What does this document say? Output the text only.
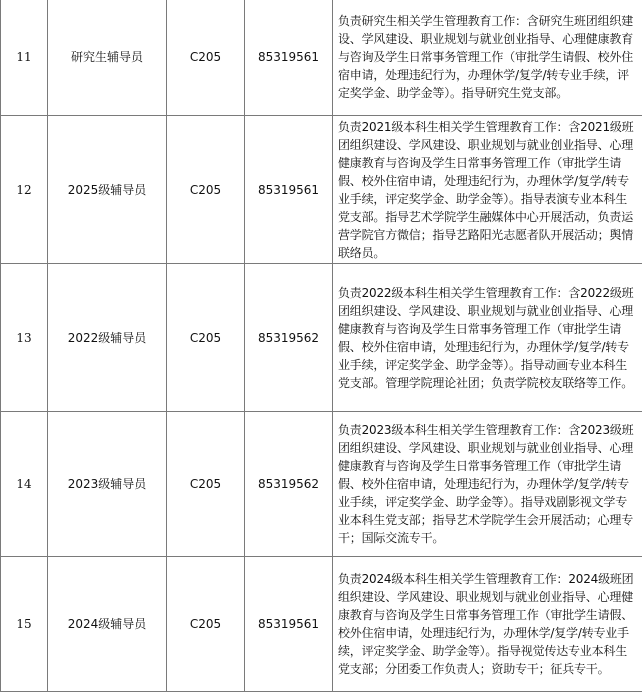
11	研究生辅导员	C205	85319561	负责研究生相关学生管理教育工作：含研究生班团组织建设、学风建设、职业规划与就业创业指导、心理健康教育与咨询及学生日常事务管理工作（审批学生请假、校外住宿申请，处理违纪行为，办理休学/复学/转专业手续，评定奖学金、助学金等）。指导研究生党支部。
12	2025级辅导员	C205	85319561	负责2021级本科生相关学生管理教育工作：含2021级班团组织建设、学风建设、职业规划与就业创业指导、心理健康教育与咨询及学生日常事务管理工作（审批学生请假、校外住宿申请，处理违纪行为，办理休学/复学/转专业手续，评定奖学金、助学金等）。指导表演专业本科生党支部。指导艺术学院学生融媒体中心开展活动，负责运营学院官方微信；指导艺路阳光志愿者队开展活动；舆情联络员。
13	2022级辅导员	C205	85319562	负责2022级本科生相关学生管理教育工作：含2022级班团组织建设、学风建设、职业规划与就业创业指导、心理健康教育与咨询及学生日常事务管理工作（审批学生请假、校外住宿申请，处理违纪行为，办理休学/复学/转专业手续，评定奖学金、助学金等）。指导动画专业本科生党支部。管理学院理论社团；负责学院校友联络等工作。
14	2023级辅导员	C205	85319562	负责2023级本科生相关学生管理教育工作：含2023级班团组织建设、学风建设、职业规划与就业创业指导、心理健康教育与咨询及学生日常事务管理工作（审批学生请假、校外住宿申请，处理违纪行为，办理休学/复学/转专业手续，评定奖学金、助学金等）。指导戏剧影视文学专业本科生党支部；指导艺术学院学生会开展活动；心理专干；国际交流专干。
15	2024级辅导员	C205	85319561	负责2024级本科生相关学生管理教育工作：2024级班团组织建设、学风建设、职业规划与就业创业指导、心理健康教育与咨询及学生日常事务管理工作（审批学生请假、校外住宿申请，处理违纪行为，办理休学/复学/转专业手续，评定奖学金、助学金等）。指导视觉传达专业本科生党支部；分团委工作负责人；资助专干；征兵专干。
